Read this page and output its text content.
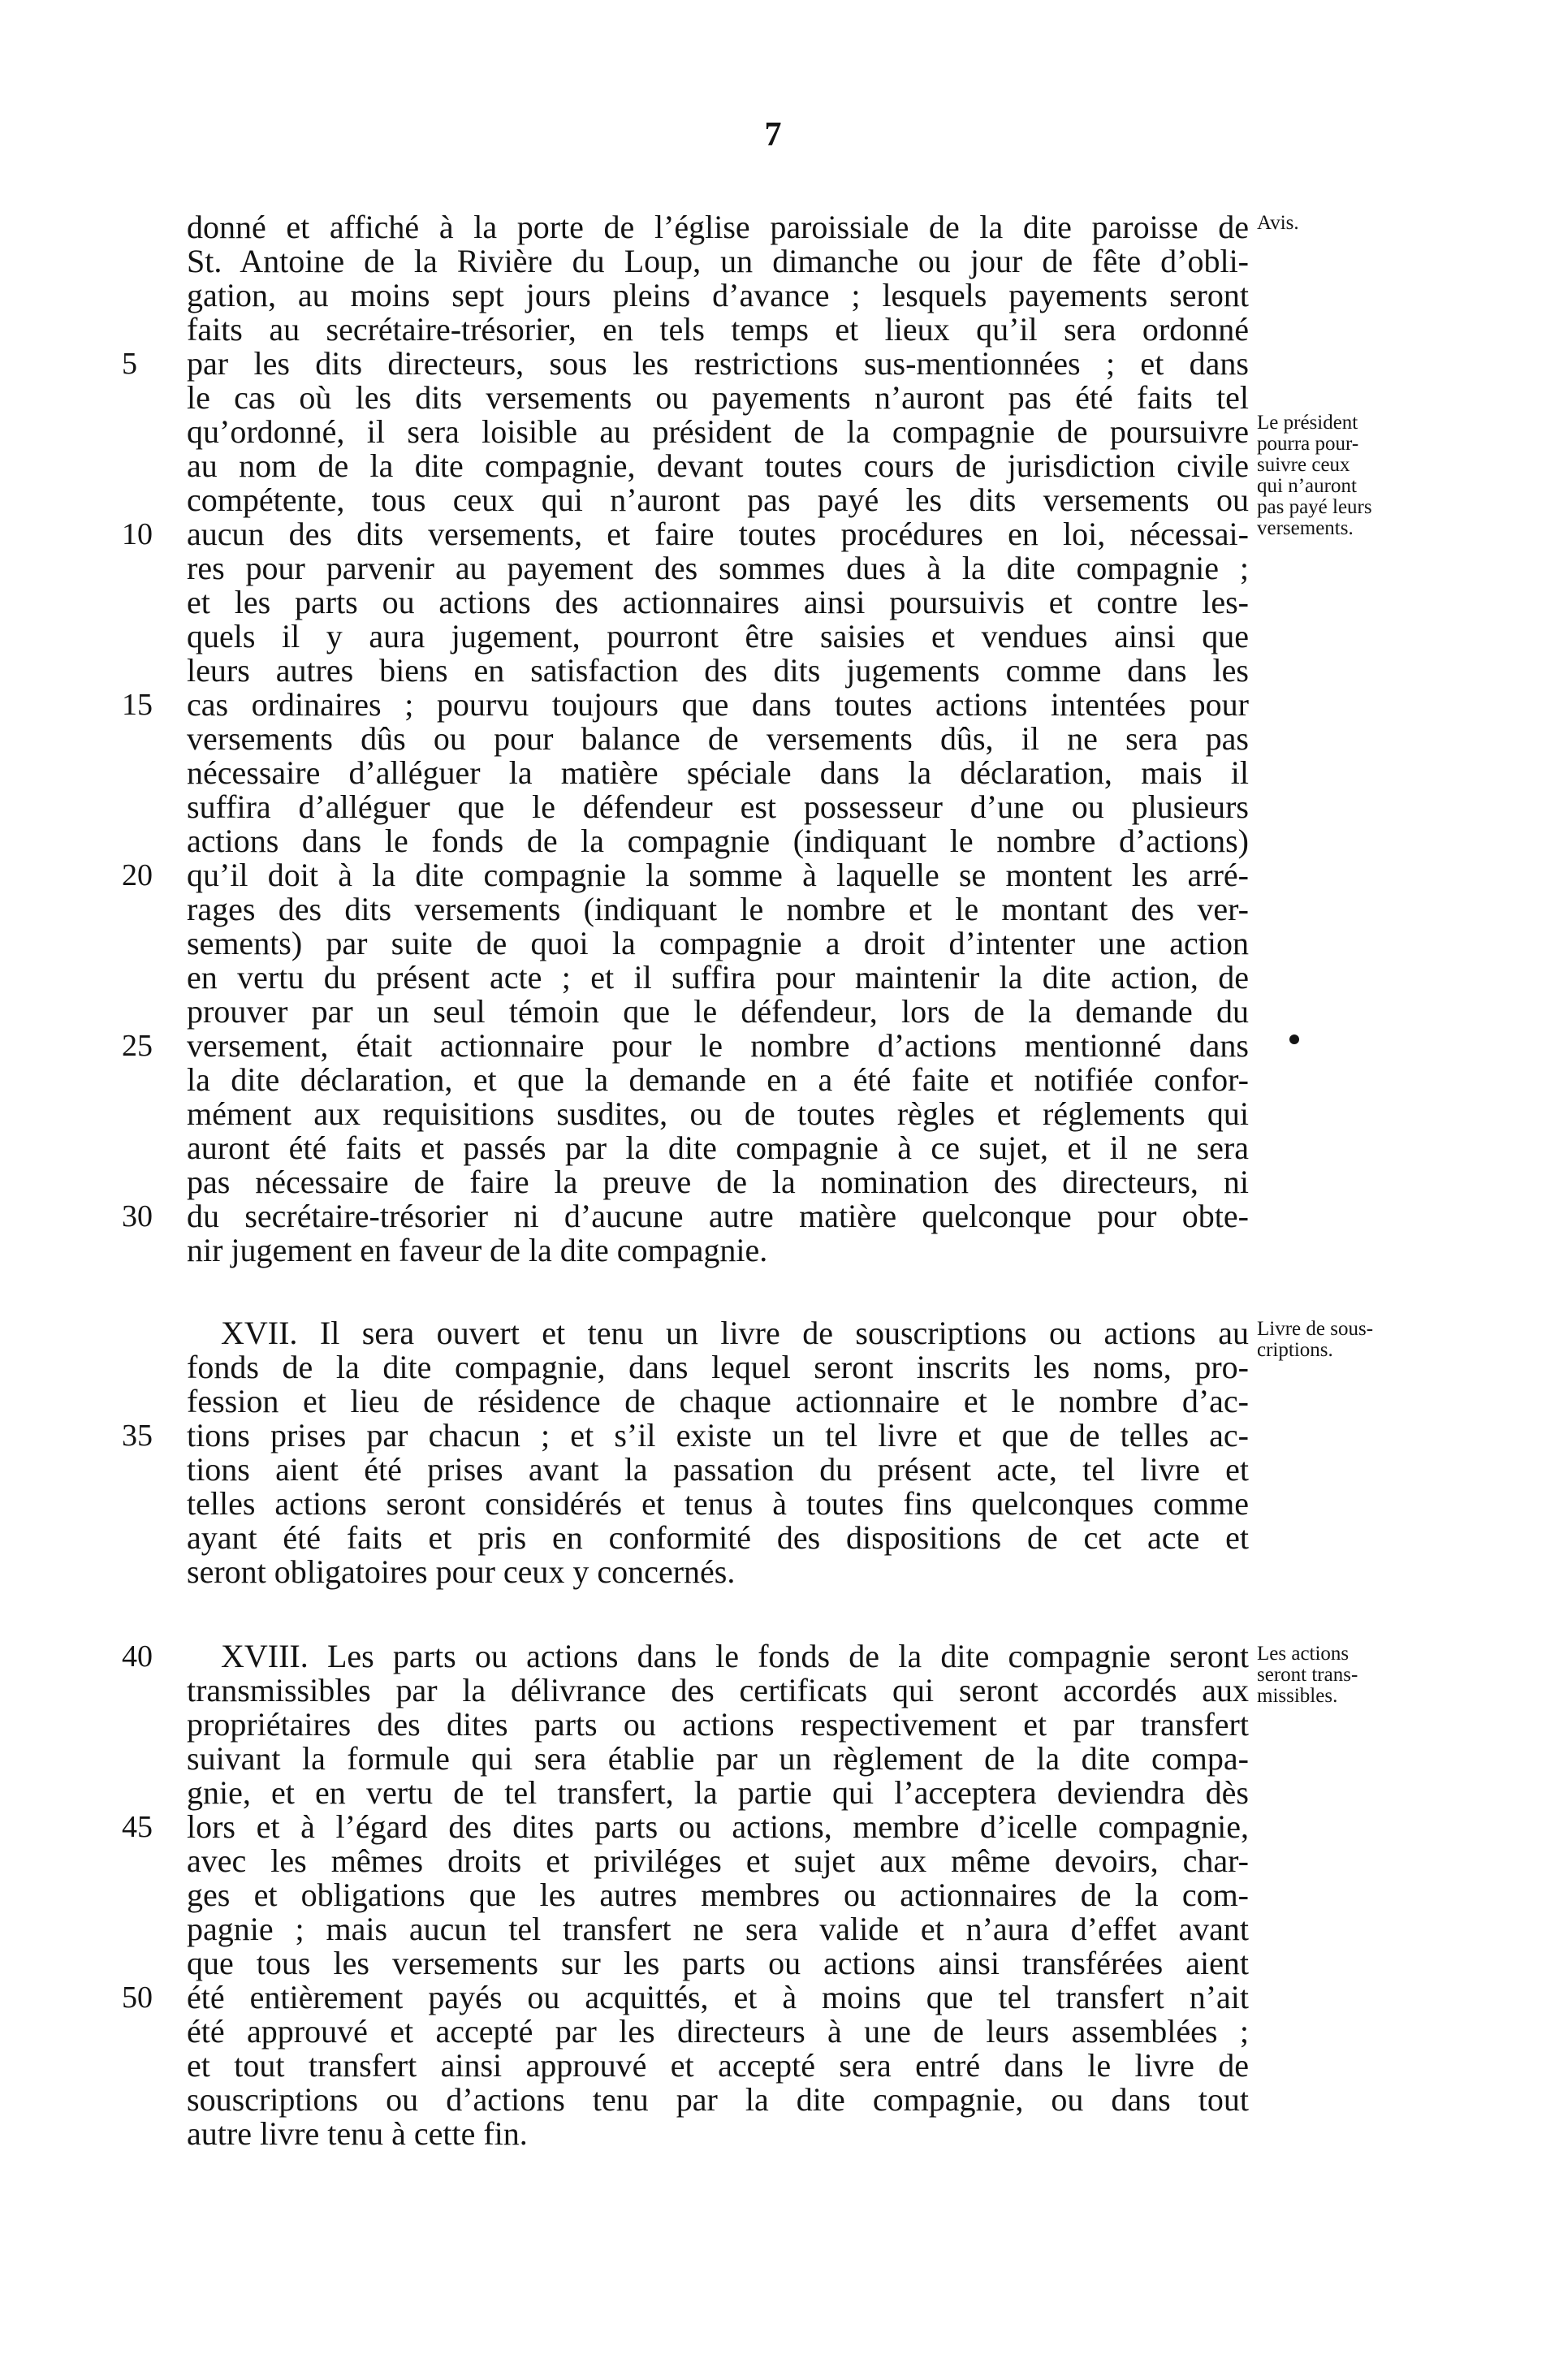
7
donné et affiché à la porte de l’église paroissiale de la dite paroisse de
St. Antoine de la Rivière du Loup, un dimanche ou jour de fête d’obli-
gation, au moins sept jours pleins d’avance ; lesquels payements seront
faits au secrétaire-trésorier, en tels temps et lieux qu’il sera ordonné
par les dits directeurs, sous les restrictions sus-mentionnées ; et dans
5
le cas où les dits versements ou payements n’auront pas été faits tel
qu’ordonné, il sera loisible au président de la compagnie de poursuivre
au nom de la dite compagnie, devant toutes cours de jurisdiction civile
compétente, tous ceux qui n’auront pas payé les dits versements ou
aucun des dits versements, et faire toutes procédures en loi, nécessai-
10
res pour parvenir au payement des sommes dues à la dite compagnie ;
et les parts ou actions des actionnaires ainsi poursuivis et contre les-
quels il y aura jugement, pourront être saisies et vendues ainsi que
leurs autres biens en satisfaction des dits jugements comme dans les
cas ordinaires ; pourvu toujours que dans toutes actions intentées pour
15
versements dûs ou pour balance de versements dûs, il ne sera pas
nécessaire d’alléguer la matière spéciale dans la déclaration, mais il
suffira d’alléguer que le défendeur est possesseur d’une ou plusieurs
actions dans le fonds de la compagnie (indiquant le nombre d’actions)
qu’il doit à la dite compagnie la somme à laquelle se montent les arré-
20
rages des dits versements (indiquant le nombre et le montant des ver-
sements) par suite de quoi la compagnie a droit d’intenter une action
en vertu du présent acte ; et il suffira pour maintenir la dite action, de
prouver par un seul témoin que le défendeur, lors de la demande du
versement, était actionnaire pour le nombre d’actions mentionné dans
25
la dite déclaration, et que la demande en a été faite et notifiée confor-
mément aux requisitions susdites, ou de toutes règles et réglements qui
auront été faits et passés par la dite compagnie à ce sujet, et il ne sera
pas nécessaire de faire la preuve de la nomination des directeurs, ni
du secrétaire-trésorier ni d’aucune autre matière quelconque pour obte-
30
nir jugement en faveur de la dite compagnie.
XVII. Il sera ouvert et tenu un livre de souscriptions ou actions au
fonds de la dite compagnie, dans lequel seront inscrits les noms, pro-
fession et lieu de résidence de chaque actionnaire et le nombre d’ac-
tions prises par chacun ; et s’il existe un tel livre et que de telles ac-
35
tions aient été prises avant la passation du présent acte, tel livre et
telles actions seront considérés et tenus à toutes fins quelconques comme
ayant été faits et pris en conformité des dispositions de cet acte et
seront obligatoires pour ceux y concernés.
XVIII. Les parts ou actions dans le fonds de la dite compagnie seront
40
transmissibles par la délivrance des certificats qui seront accordés aux
propriétaires des dites parts ou actions respectivement et par transfert
suivant la formule qui sera établie par un règlement de la dite compa-
gnie, et en vertu de tel transfert, la partie qui l’acceptera deviendra dès
lors et à l’égard des dites parts ou actions, membre d’icelle compagnie,
45
avec les mêmes droits et priviléges et sujet aux même devoirs, char-
ges et obligations que les autres membres ou actionnaires de la com-
pagnie ; mais aucun tel transfert ne sera valide et n’aura d’effet avant
que tous les versements sur les parts ou actions ainsi transférées aient
été entièrement payés ou acquittés, et à moins que tel transfert n’ait
50
été approuvé et accepté par les directeurs à une de leurs assemblées ;
et tout transfert ainsi approuvé et accepté sera entré dans le livre de
souscriptions ou d’actions tenu par la dite compagnie, ou dans tout
autre livre tenu à cette fin.
Avis.
Le président
pourra pour-
suivre ceux
qui n’auront
pas payé leurs
versements.
Livre de sous-
criptions.
Les actions
seront trans-
missibles.
